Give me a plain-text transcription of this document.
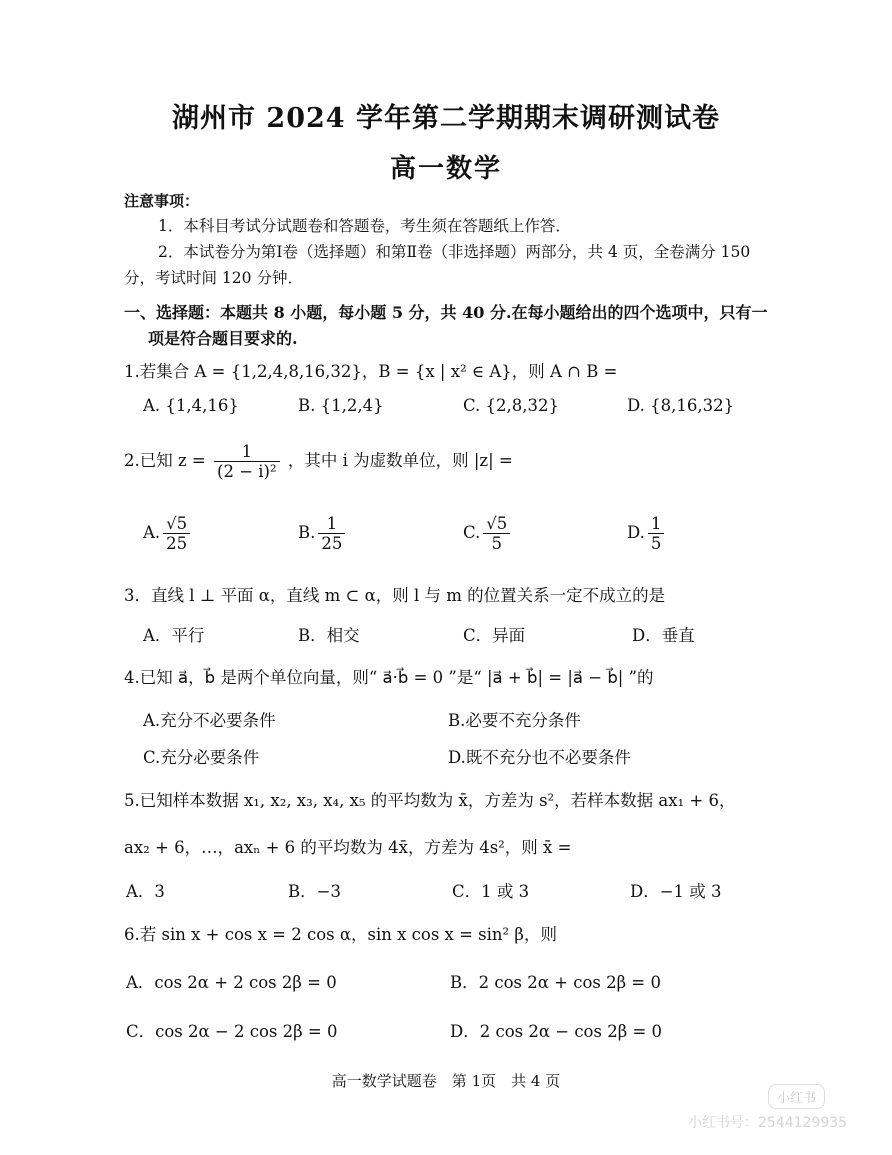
湖州市 2024 学年第二学期期末调研测试卷
高一数学
注意事项：
1．本科目考试分试题卷和答题卷，考生须在答题纸上作答．
2．本试卷分为第Ⅰ卷（选择题）和第Ⅱ卷（非选择题）两部分，共 4 页，全卷满分 150
分，考试时间 120 分钟．
一、选择题：本题共 8 小题，每小题 5 分，共 40 分.在每小题给出的四个选项中，只有一
项是符合题目要求的.
1.若集合 A = {1,2,4,8,16,32}，B = {x | x² ∈ A}，则 A ∩ B =
A. {1,4,16}	B. {1,2,4}	C. {2,8,32}	D. {8,16,32}
2.已知 $z = \frac{1}{\text{(2 − i)²}}$ ，其中 i 为虚数单位，则 |z| =
A. $\frac{√5}{25}$	B. $\frac{1}{25}$	C. $\frac{√5}{5}$	D. $\frac{1}{5}$
3．直线 l ⊥ 平面 α，直线 m ⊂ α，则 l 与 m 的位置关系一定不成立的是
A．平行	B．相交	C．异面	D．垂直
4.已知 a⃗，b⃗ 是两个单位向量，则“ a⃗·b⃗ = 0 ”是“ |a⃗ + b⃗| = |a⃗ − b⃗| ”的
A.充分不必要条件	B.必要不充分条件
C.充分必要条件	D.既不充分也不必要条件
5.已知样本数据 x₁, x₂, x₃, x₄, x₅ 的平均数为 x̄，方差为 s²，若样本数据 ax₁ + 6，
ax₂ + 6，…，axₙ + 6 的平均数为 4x̄，方差为 4s²，则 x̄ =
A．3	B．−3	C．1 或 3	D．−1 或 3
6.若 sin x + cos x = 2 cos α，sin x cos x = sin² β，则
A．cos 2α + 2 cos 2β = 0	B．2 cos 2α + cos 2β = 0
C．cos 2α − 2 cos 2β = 0	D．2 cos 2α − cos 2β = 0
高一数学试题卷　第 1页　共 4 页
小红书
小红书号：2544129935
